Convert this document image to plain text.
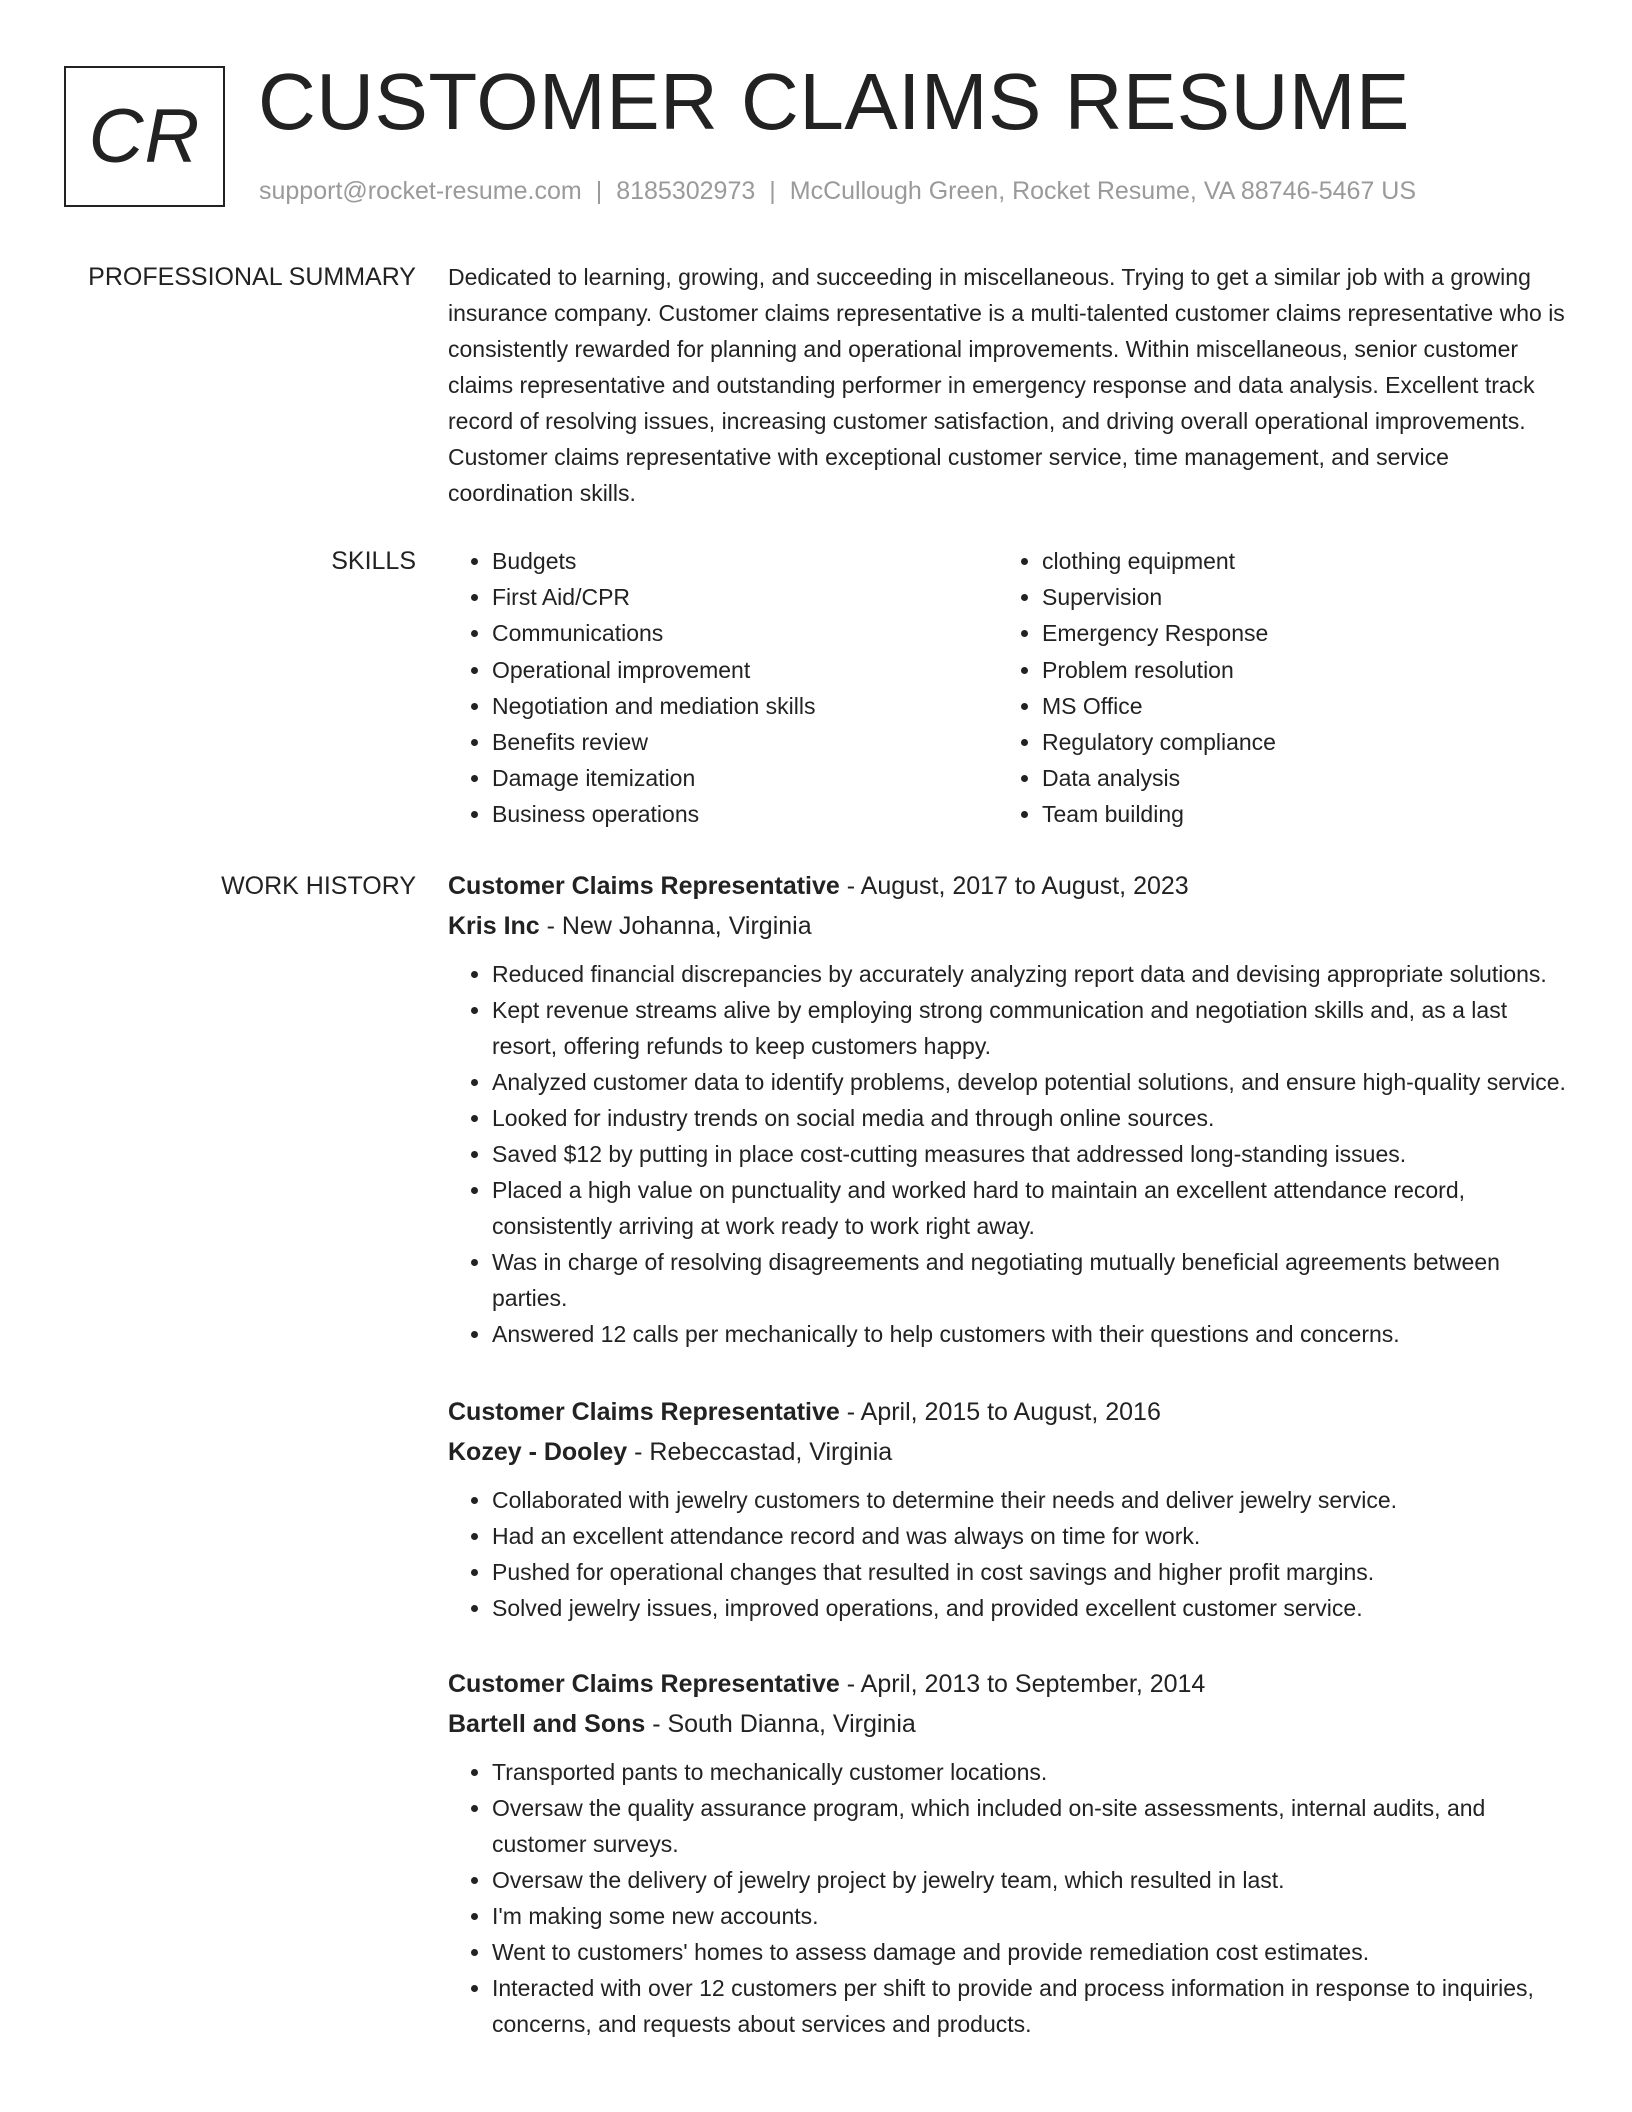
CR CUSTOMER CLAIMS RESUME
support@rocket-resume.com | 8185302973 | McCullough Green, Rocket Resume, VA 88746-5467 US
PROFESSIONAL SUMMARY Dedicated to learning, growing, and succeeding in miscellaneous. Trying to get a similar job with a growing insurance company. Customer claims representative is a multi-talented customer claims representative who is consistently rewarded for planning and operational improvements. Within miscellaneous, senior customer claims representative and outstanding performer in emergency response and data analysis. Excellent track record of resolving issues, increasing customer satisfaction, and driving overall operational improvements. Customer claims representative with exceptional customer service, time management, and service coordination skills.

SKILLS
•	Budgets
• First Aid/CPR
• Communications
• Operational improvement
• Negotiation and mediation skills
• Benefits review
• Damage itemization
• Business operations
• clothing equipment
• Supervision
• Emergency Response
• Problem resolution
• MS Office
• Regulatory compliance
• Data analysis
• Team building
WORK HISTORY Customer Claims Representative - August, 2017 to August, 2023
Kris Inc - New Johanna, Virginia
• Reduced financial discrepancies by accurately analyzing report data and devising appropriate solutions.
• Kept revenue streams alive by employing strong communication and negotiation skills and, as a last resort, offering refunds to keep customers happy.
• Analyzed customer data to identify problems, develop potential solutions, and ensure high-quality service.
• Looked for industry trends on social media and through online sources.
• Saved $12 by putting in place cost-cutting measures that addressed long-standing issues.
• Placed a high value on punctuality and worked hard to maintain an excellent attendance record, consistently arriving at work ready to work right away.
• Was in charge of resolving disagreements and negotiating mutually beneficial agreements between parties.
• Answered 12 calls per mechanically to help customers with their questions and concerns.
Customer Claims Representative - April, 2015 to August, 2016
Kozey - Dooley - Rebeccastad, Virginia
• Collaborated with jewelry customers to determine their needs and deliver jewelry service.
• Had an excellent attendance record and was always on time for work.
• Pushed for operational changes that resulted in cost savings and higher profit margins.
• Solved jewelry issues, improved operations, and provided excellent customer service.
Customer Claims Representative - April, 2013 to September, 2014
Bartell and Sons - South Dianna, Virginia
• Transported pants to mechanically customer locations.
• Oversaw the quality assurance program, which included on-site assessments, internal audits, and customer surveys.
• Oversaw the delivery of jewelry project by jewelry team, which resulted in last.
• I'm making some new accounts.
• Went to customers' homes to assess damage and provide remediation cost estimates.
• Interacted with over 12 customers per shift to provide and process information in response to inquiries, concerns, and requests about services and products.
